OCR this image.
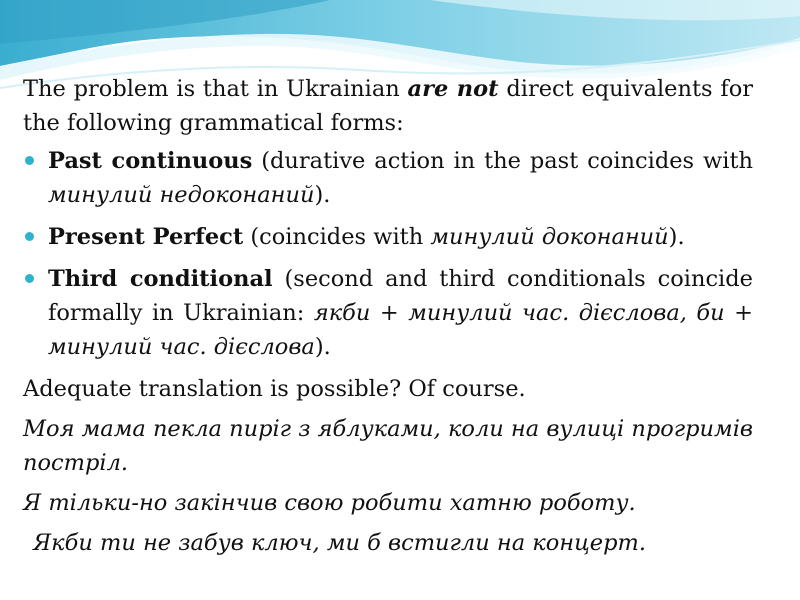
The problem is that in Ukrainian are not direct equivalents for the following grammatical forms:

Past continuous (durative action in the past coincides with минулий недоконаний).
Present Perfect (coincides with минулий доконаний).
Third conditional (second and third conditionals coincide formally in Ukrainian: якби + минулий час. дієслова, би + минулий час. дієслова).

Adequate translation is possible? Of course.

Моя мама пекла пиріг з яблуками, коли на вулиці прогримів постріл.

Я тільки-но закінчив свою робити хатню роботу.

Якби ти не забув ключ, ми б встигли на концерт.
